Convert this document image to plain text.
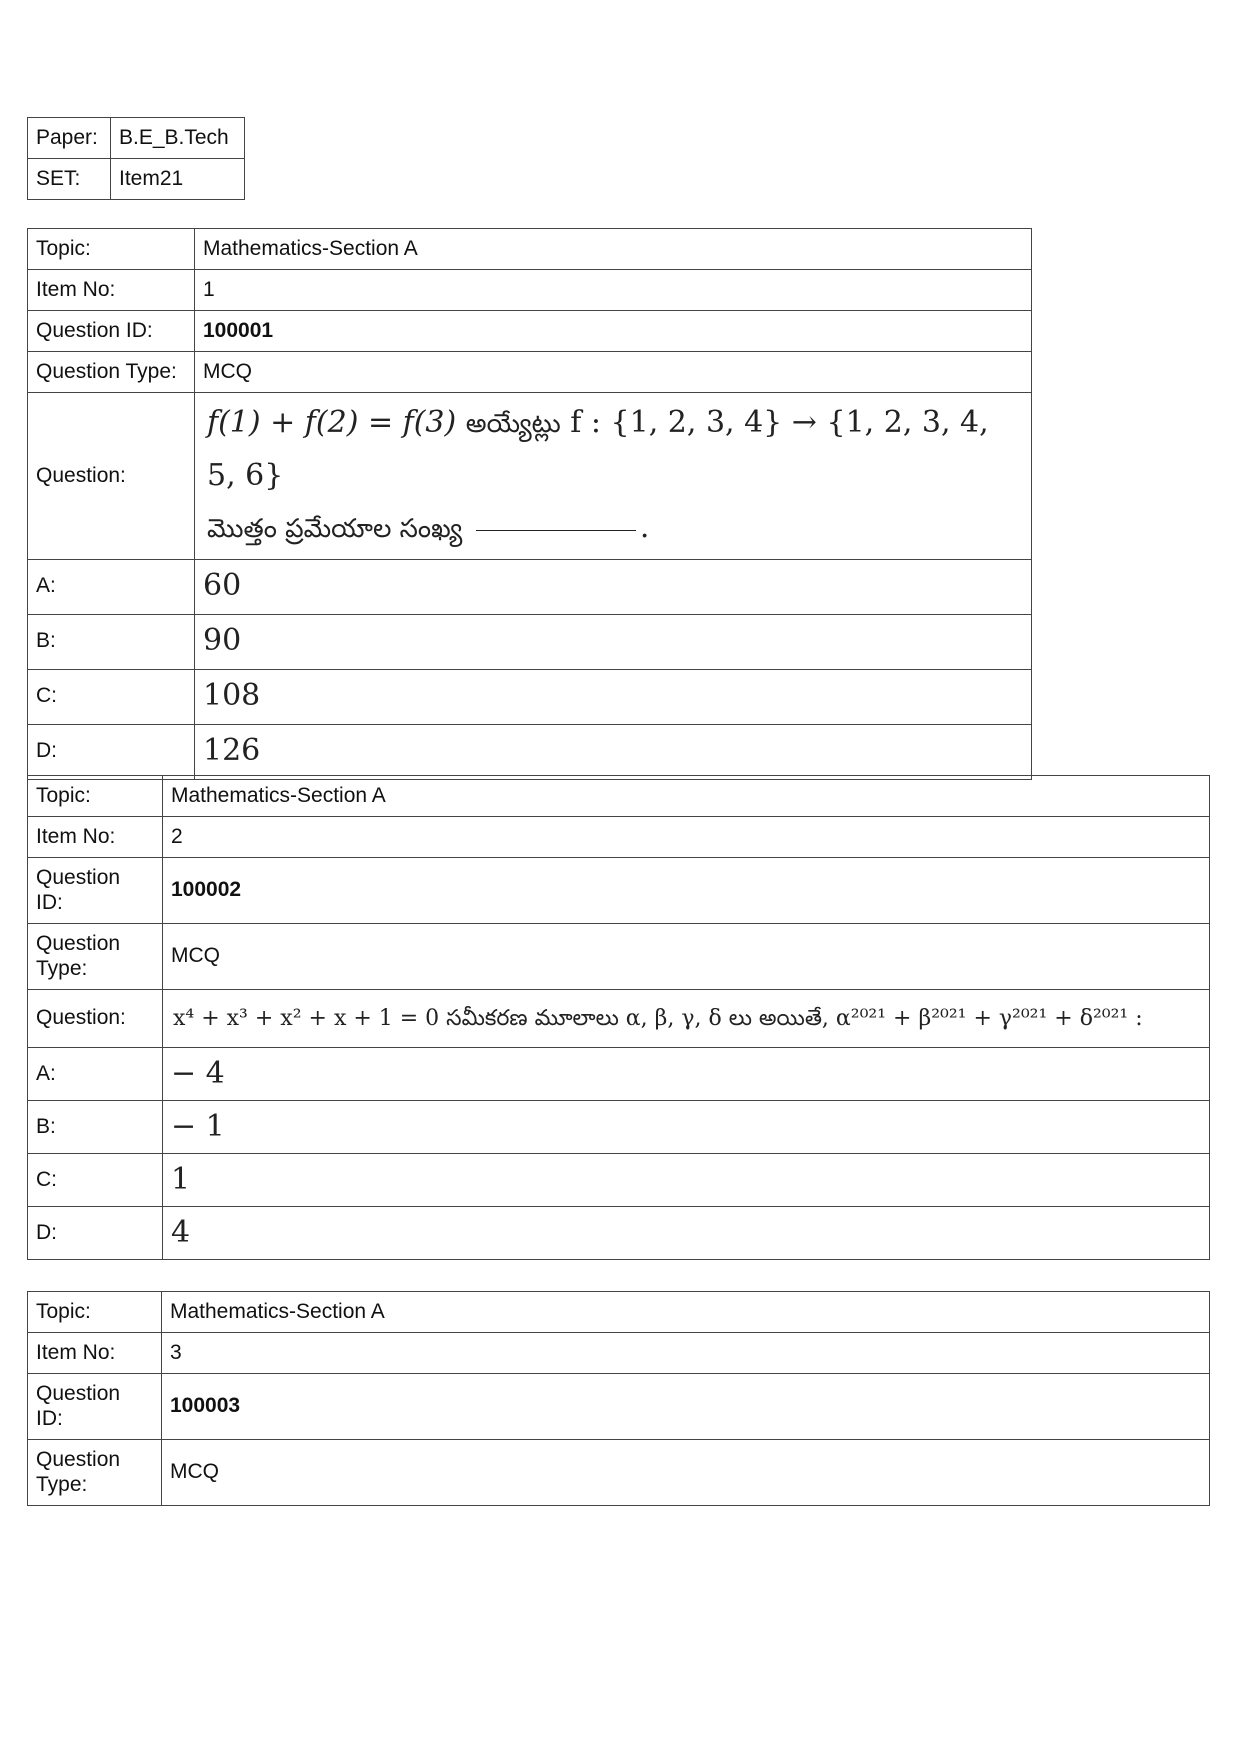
Paper:	B.E_B.Tech
SET:	Item21
Topic:	Mathematics-Section A
Item No:	1
Question ID:	100001
Question Type:	MCQ
Question:	f(1) + f(2) = f(3) అయ్యేట్లు f : {1, 2, 3, 4} → {1, 2, 3, 4, 5, 6}
మొత్తం ప్రమేయాల సంఖ్య .

A:	60
B:	90
C:	108
D:	126
Topic:	Mathematics-Section A
Item No:	2
Question
ID:	100002
Question
Type:	MCQ
Question:	x⁴ + x³ + x² + x + 1 = 0 సమీకరణ మూలాలు α, β, γ, δ లు అయితే, α²⁰²¹ + β²⁰²¹ + γ²⁰²¹ + δ²⁰²¹ :
A:	− 4
B:	− 1
C:	1
D:	4
Topic:	Mathematics-Section A
Item No:	3
Question
ID:	100003
Question
Type:	MCQ
